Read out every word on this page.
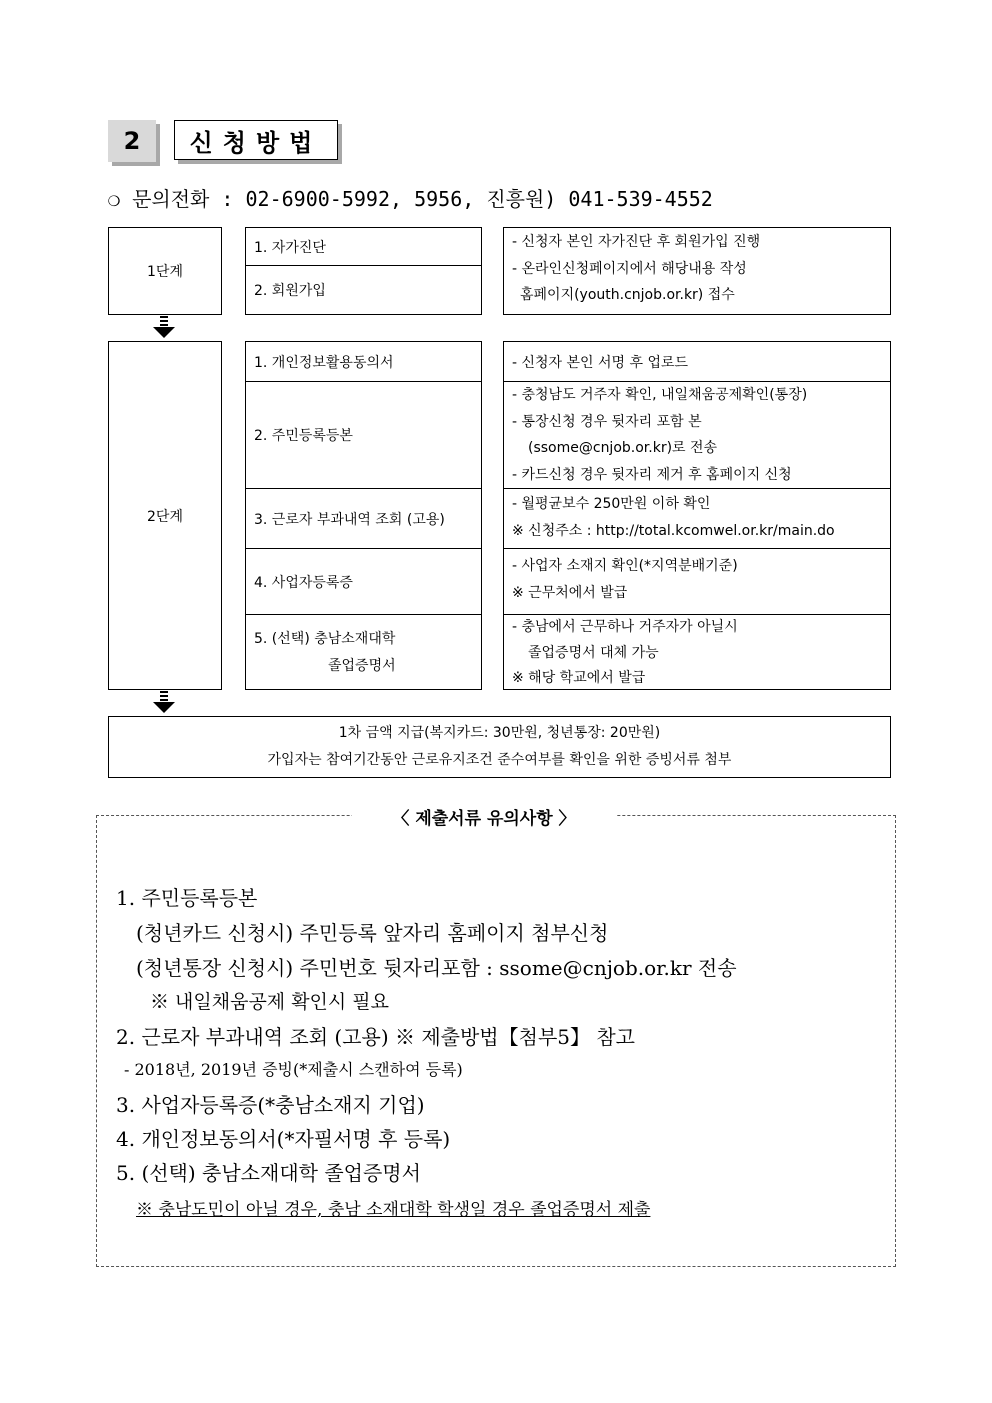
2	신청방법
❍ 문의전화 : 02-6900-5992, 5956, 진흥원) 041-539-4552
1단계
1. 자가진단
2. 회원가입
- 신청자 본인 자가진단 후 회원가입 진행
- 온라인신청페이지에서 해당내용 작성
홈페이지(youth.cnjob.or.kr) 접수
2단계
1. 개인정보활용동의서
2. 주민등록등본
3. 근로자 부과내역 조회 (고용)
4. 사업자등록증
5. (선택) 충남소재대학
졸업증명서
- 신청자 본인 서명 후 업로드
- 충청남도 거주자 확인, 내일채움공제확인(통장)
- 통장신청 경우 뒷자리 포함 본
(ssome@cnjob.or.kr)로 전송
- 카드신청 경우 뒷자리 제거 후 홈페이지 신청
- 월평균보수 250만원 이하 확인
※ 신청주소 : http://total.kcomwel.or.kr/main.do
- 사업자 소재지 확인(*지역분배기준)
※ 근무처에서 발급
- 충남에서 근무하나 거주자가 아닐시
졸업증명서 대체 가능
※ 해당 학교에서 발급
1차 금액 지급(복지카드: 30만원, 청년통장: 20만원)
가입자는 참여기간동안 근로유지조건 준수여부를 확인을 위한 증빙서류 첨부
〈 제출서류 유의사항 〉
1. 주민등록등본
(청년카드 신청시) 주민등록 앞자리 홈페이지 첨부신청
(청년통장 신청시) 주민번호 뒷자리포함 : ssome@cnjob.or.kr 전송
※ 내일채움공제 확인시 필요
2. 근로자 부과내역 조회 (고용) ※ 제출방법【첨부5】 참고
- 2018년, 2019년 증빙(*제출시 스캔하여 등록)
3. 사업자등록증(*충남소재지 기업)
4. 개인정보동의서(*자필서명 후 등록)
5. (선택) 충남소재대학 졸업증명서
※ 충남도민이 아닐 경우, 충남 소재대학 학생일 경우 졸업증명서 제출
